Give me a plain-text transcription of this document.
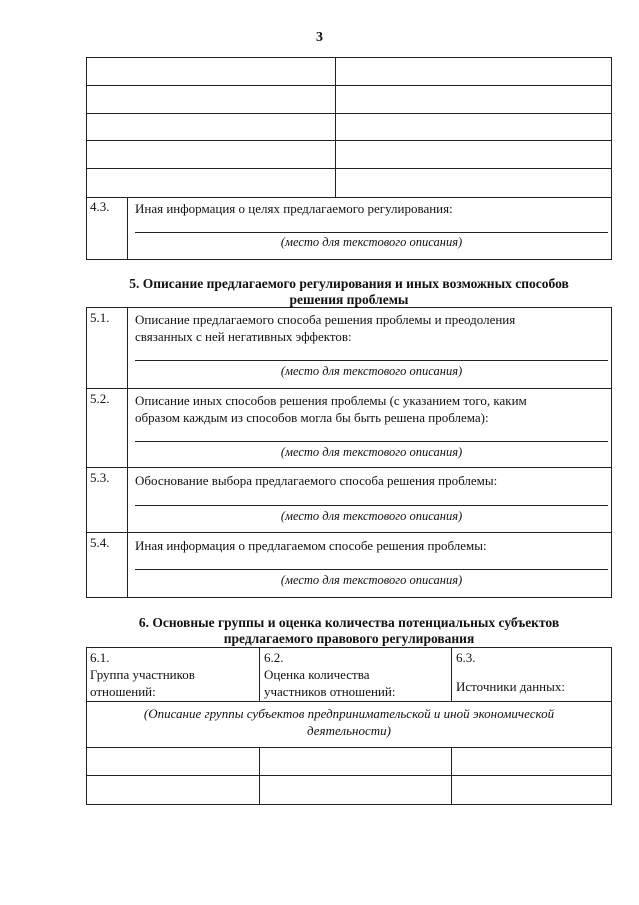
3
4.3. Иная информация о целях предлагаемого регулирования:
(место для текстового описания)
5. Описание предлагаемого регулирования и иных возможных способов
решения проблемы
5.1. Описание предлагаемого способа решения проблемы и преодоления
связанных с ней негативных эффектов:
(место для текстового описания)
5.2. Описание иных способов решения проблемы (с указанием того, каким
образом каждым из способов могла бы быть решена проблема):
(место для текстового описания)
5.3. Обоснование выбора предлагаемого способа решения проблемы:
(место для текстового описания)
5.4. Иная информация о предлагаемом способе решения проблемы:
(место для текстового описания)
6. Основные группы и оценка количества потенциальных субъектов
предлагаемого правового регулирования
6.1.
Группа участников
отношений:
6.2.
Оценка количества
участников отношений:
6.3.
Источники данных:
(Описание группы субъектов предпринимательской и иной экономической
деятельности)
